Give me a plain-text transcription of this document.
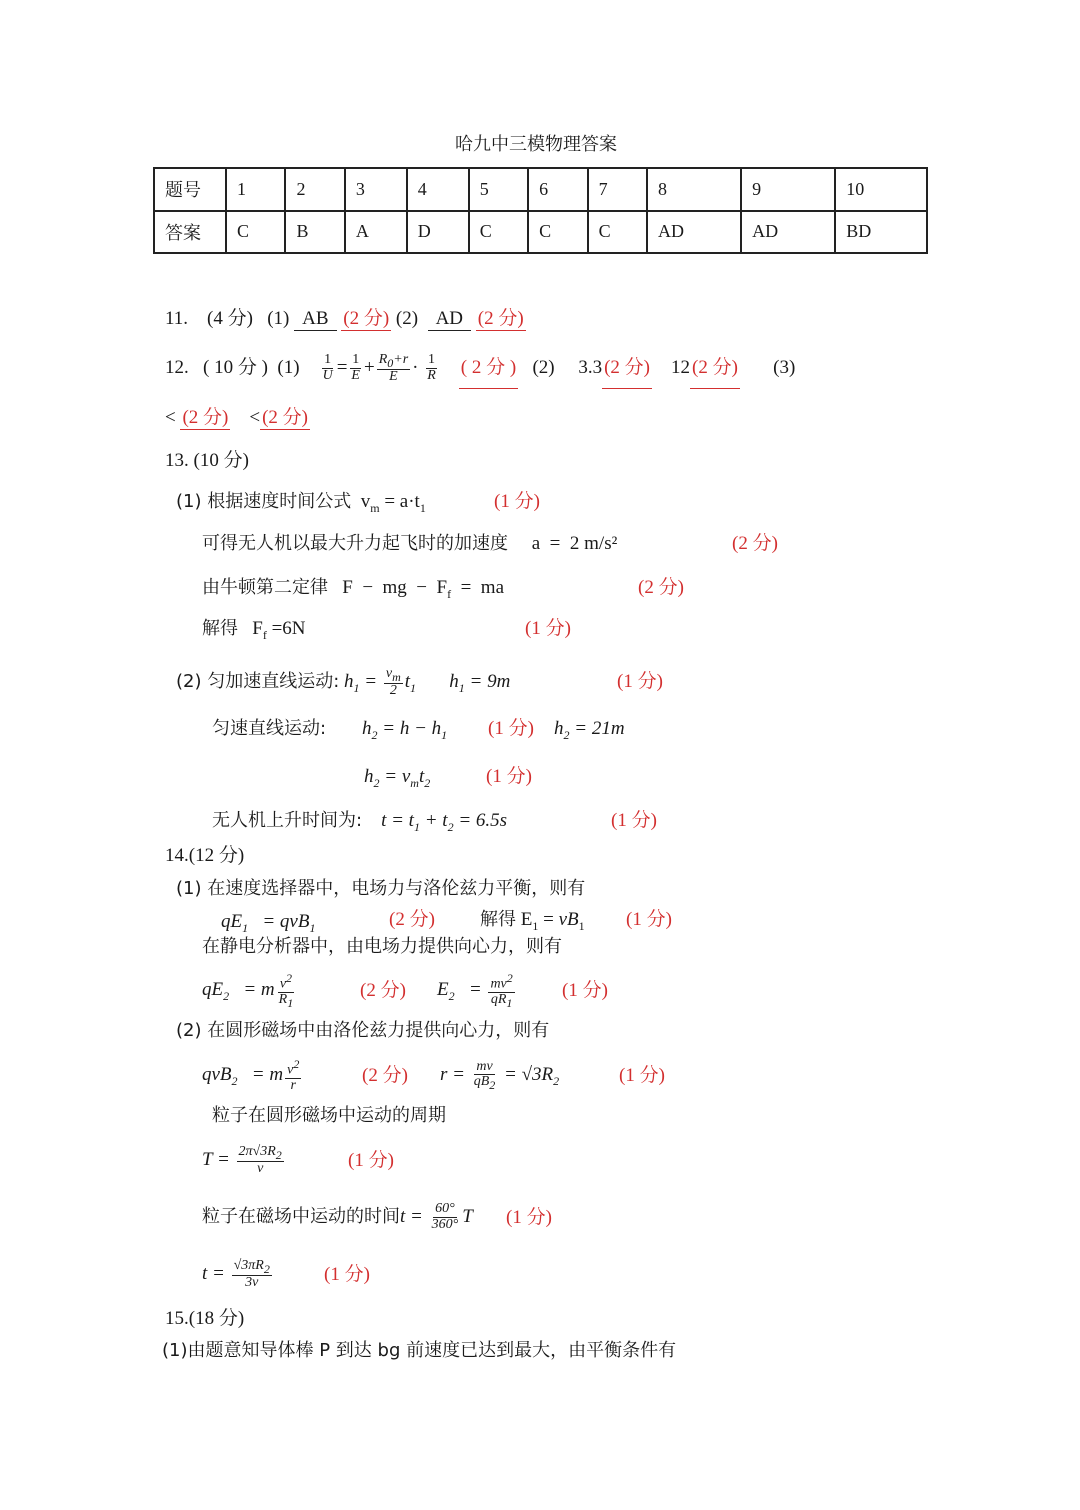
哈九中三模物理答案
题号	1	2	3	4	5	6	7	8	9	10
答案	C	B	A	D	C	C	C	AD	AD	BD
11. (4 分) (1) AB (2 分) (2) AD (2 分)
12. ( 10 分 ) $(1) \frac{1}{U} = \frac{1}{E} + \frac{R_0+r}{E} \cdot \frac{1}{R}$ ( 2 分 ) (2) 3.3 (2 分) 12 (2 分) (3)
< (2 分) < (2 分)
13. (10 分)
(1) 根据速度时间公式 $v_m = a\cdot t_1$	(1 分)
可得无人机以最大升力起飞时的加速度 a  =  2 m/s²	(2 分)
由牛顿第二定律 F  −  mg  −  $F_f$  =  ma	(2 分)
解得 $F_f =6N$	(1 分)
(2) 匀加速直线运动: $h_1 = \frac{v_m}{2} t_1$       $h_1 = 9m$	(1 分)
匀速直线运动: $h_2 = h - h_1$ (1 分) $h_2 = 21m$
$h_2 = v_mt_2$	(1 分)
无人机上升时间为: $t = t_1 + t_2 = 6.5s$	(1 分)
14.(12 分)
(1) 在速度选择器中，电场力与洛伦兹力平衡，则有
$qE_1 = qvB_1$	(2 分)	解得 $E_1 = vB_1$ (1 分)
在静电分析器中，由电场力提供向心力，则有
$qE_2 = m \frac{v^2}{R_1}$	(2 分) $E_2 = \frac{mv^2}{qR_1} (1$ 分)
(2) 在圆形磁场中由洛伦兹力提供向心力，则有
qvB$_2$   = m $\frac{v^2}{r}$	(2 分) $r = \frac{mv}{qB_2} = √3R_2$	(1 分)
粒子在圆形磁场中运动的周期
$T = \frac{2\pi√3R_2}{v}$	(1 分)
粒子在磁场中运动的时间$t = \frac{60^\circ}{360^\circ}$ T (1 分)
$t = \frac{√3\pi R_2}{3v}$	(1 分)
15.(18 分)
(1)由题意知导体棒 P 到达 bg 前速度已达到最大，由平衡条件有
